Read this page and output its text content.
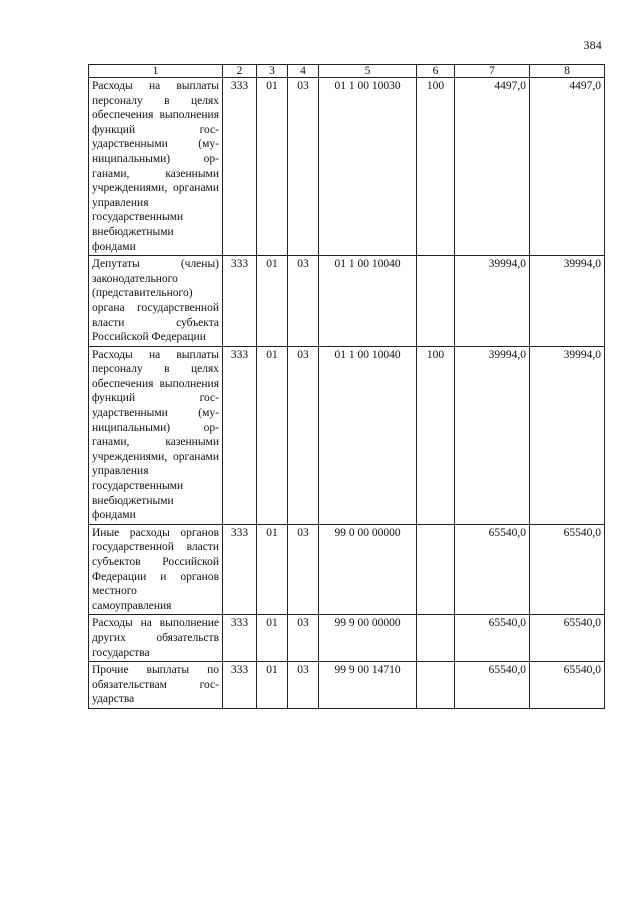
384
1	2	3	4	5	6	7	8
Расходы на выплаты персоналу в целях обеспечения выполнения функций государственными (муниципальными) органами, казенными учреждениями, органами управления государственными внебюджетными фондами	333	01	03	01 1 00 10030	100	4497,0	4497,0
Депутаты (члены) законодательного (представительного) органа государственной власти субъекта Российской Федерации	333	01	03	01 1 00 10040		39994,0	39994,0
Расходы на выплаты персоналу в целях обеспечения выполнения функций государственными (муниципальными) органами, казенными учреждениями, органами управления государственными внебюджетными фондами	333	01	03	01 1 00 10040	100	39994,0	39994,0
Иные расходы органов государственной власти субъектов Российской Федерации и органов местного самоуправления	333	01	03	99 0 00 00000		65540,0	65540,0
Расходы на выполнение других обязательств государства	333	01	03	99 9 00 00000		65540,0	65540,0
Прочие выплаты по обязательствам государства	333	01	03	99 9 00 14710		65540,0	65540,0
